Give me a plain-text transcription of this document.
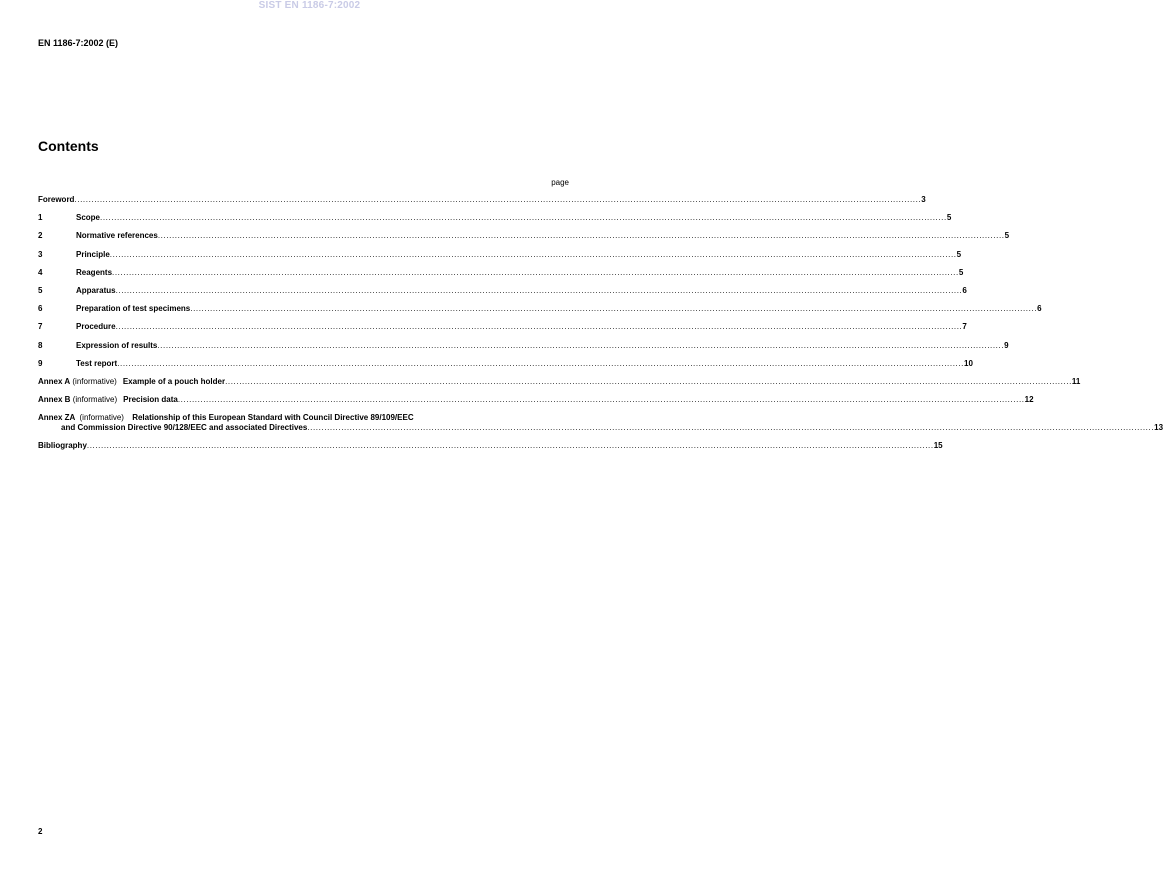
SIST EN 1186-7:2002
EN 1186-7:2002 (E)
Contents
page
Foreword ............................................................................................................................................................................................................................................................................................................ 3
1	Scope ............................................................................................................................................................................................................................................................................................................ 5
2	Normative references ............................................................................................................................................................................................................................................................................................................ 5
3	Principle ............................................................................................................................................................................................................................................................................................................ 5
4	Reagents ............................................................................................................................................................................................................................................................................................................ 5
5	Apparatus ............................................................................................................................................................................................................................................................................................................ 6
6	Preparation of test specimens ............................................................................................................................................................................................................................................................................................................ 6
7	Procedure ............................................................................................................................................................................................................................................................................................................ 7
8	Expression of results ............................................................................................................................................................................................................................................................................................................ 9
9	Test report ............................................................................................................................................................................................................................................................................................................ 10
Annex A (informative) Example of a pouch holder ............................................................................................................................................................................................................................................................................................................ 11
Annex B (informative) Precision data ............................................................................................................................................................................................................................................................................................................ 12
Annex ZA (informative) Relationship of this European Standard with Council Directive 89/109/EEC
and Commission Directive 90/128/EEC and associated Directives ............................................................................................................................................................................................................................................................................................................ 13
Bibliography ............................................................................................................................................................................................................................................................................................................ 15
2
